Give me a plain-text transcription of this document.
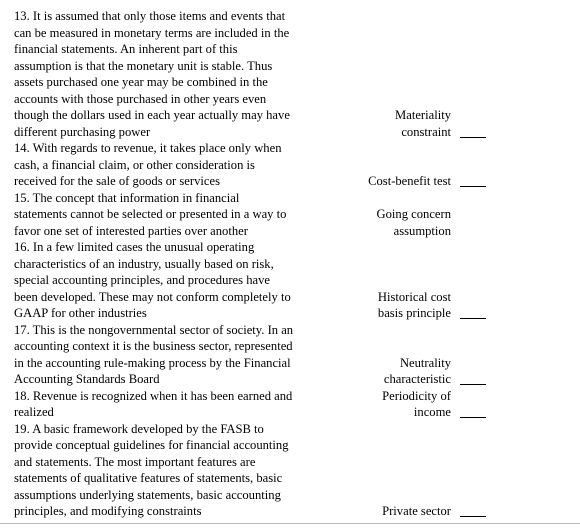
13. It is assumed that only those items and events that
can be measured in monetary terms are included in the
financial statements. An inherent part of this
assumption is that the monetary unit is stable. Thus
assets purchased one year may be combined in the
accounts with those purchased in other years even
though the dollars used in each year actually may have
different purchasing power
14. With regards to revenue, it takes place only when
cash, a financial claim, or other consideration is
received for the sale of goods or services
15. The concept that information in financial
statements cannot be selected or presented in a way to
favor one set of interested parties over another
16. In a few limited cases the unusual operating
characteristics of an industry, usually based on risk,
special accounting principles, and procedures have
been developed. These may not conform completely to
GAAP for other industries
17. This is the nongovernmental sector of society. In an
accounting context it is the business sector, represented
in the accounting rule-making process by the Financial
Accounting Standards Board
18. Revenue is recognized when it has been earned and
realized
19. A basic framework developed by the FASB to
provide conceptual guidelines for financial accounting
and statements. The most important features are
statements of qualitative features of statements, basic
assumptions underlying statements, basic accounting
principles, and modifying constraints
Materiality
constraint
Cost-benefit test
Going concern
assumption
Historical cost
basis principle
Neutrality
characteristic
Periodicity of
income
Private sector
